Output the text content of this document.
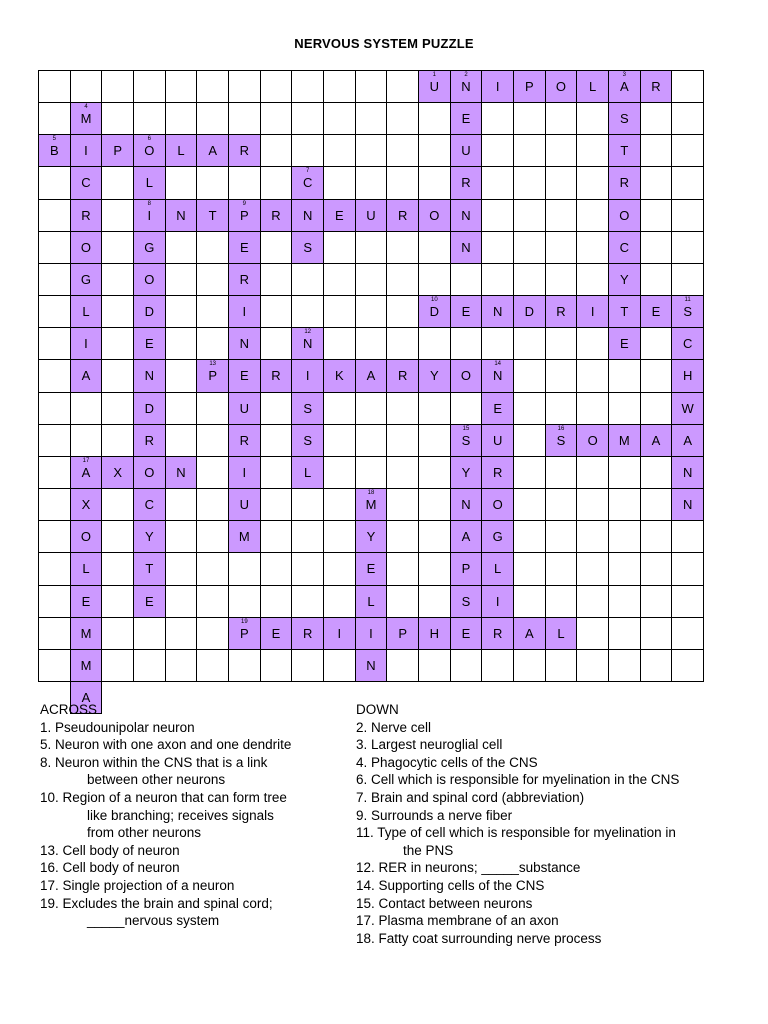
NERVOUS SYSTEM PUZZLE
1
U
2
N	I	P	O	L
3
A	R
4
M	E	S
5
B	I	P
6
O	L	A	R	U	T
C	L
7
C	R	R
R
8
I	N	T
9
P	R	N	E	U	R	O	N	O
O	G	E	S	N	C
G	O	R	Y
L	D	I
10
D	E	N	D	R	I	T	E
11
S
I	E	N
12
N	E	C
A	N
13
P	E	R	I	K	A	R	Y	O
14
N	H
D	U	S	E	W
R	R	S
15
S	U
16
S	O	M	A	A
17
A	X	O	N	I	L	Y	R	N
X	C	U
18
M	N	O	N
O	Y	M	Y	A	G
L	T	E	P	L
E	E	L	S	I
M
19
P	E	R	I	I	P	H	E	R	A	L
M	N
A
ACROSS
1. Pseudounipolar neuron
5. Neuron with one axon and one dendrite
8. Neuron within the CNS that is a link
between other neurons
10. Region of a neuron that can form tree
like branching; receives signals
from other neurons
13. Cell body of neuron
16. Cell body of neuron
17. Single projection of a neuron
19. Excludes the brain and spinal cord;
_____nervous system
DOWN
2. Nerve cell
3. Largest neuroglial cell
4. Phagocytic cells of the CNS
6. Cell which is responsible for myelination in the CNS
7. Brain and spinal cord (abbreviation)
9. Surrounds a nerve fiber
11. Type of cell which is responsible for myelination in
the PNS
12. RER in neurons; _____substance
14. Supporting cells of the CNS
15. Contact between neurons
17. Plasma membrane of an axon
18. Fatty coat surrounding nerve process
